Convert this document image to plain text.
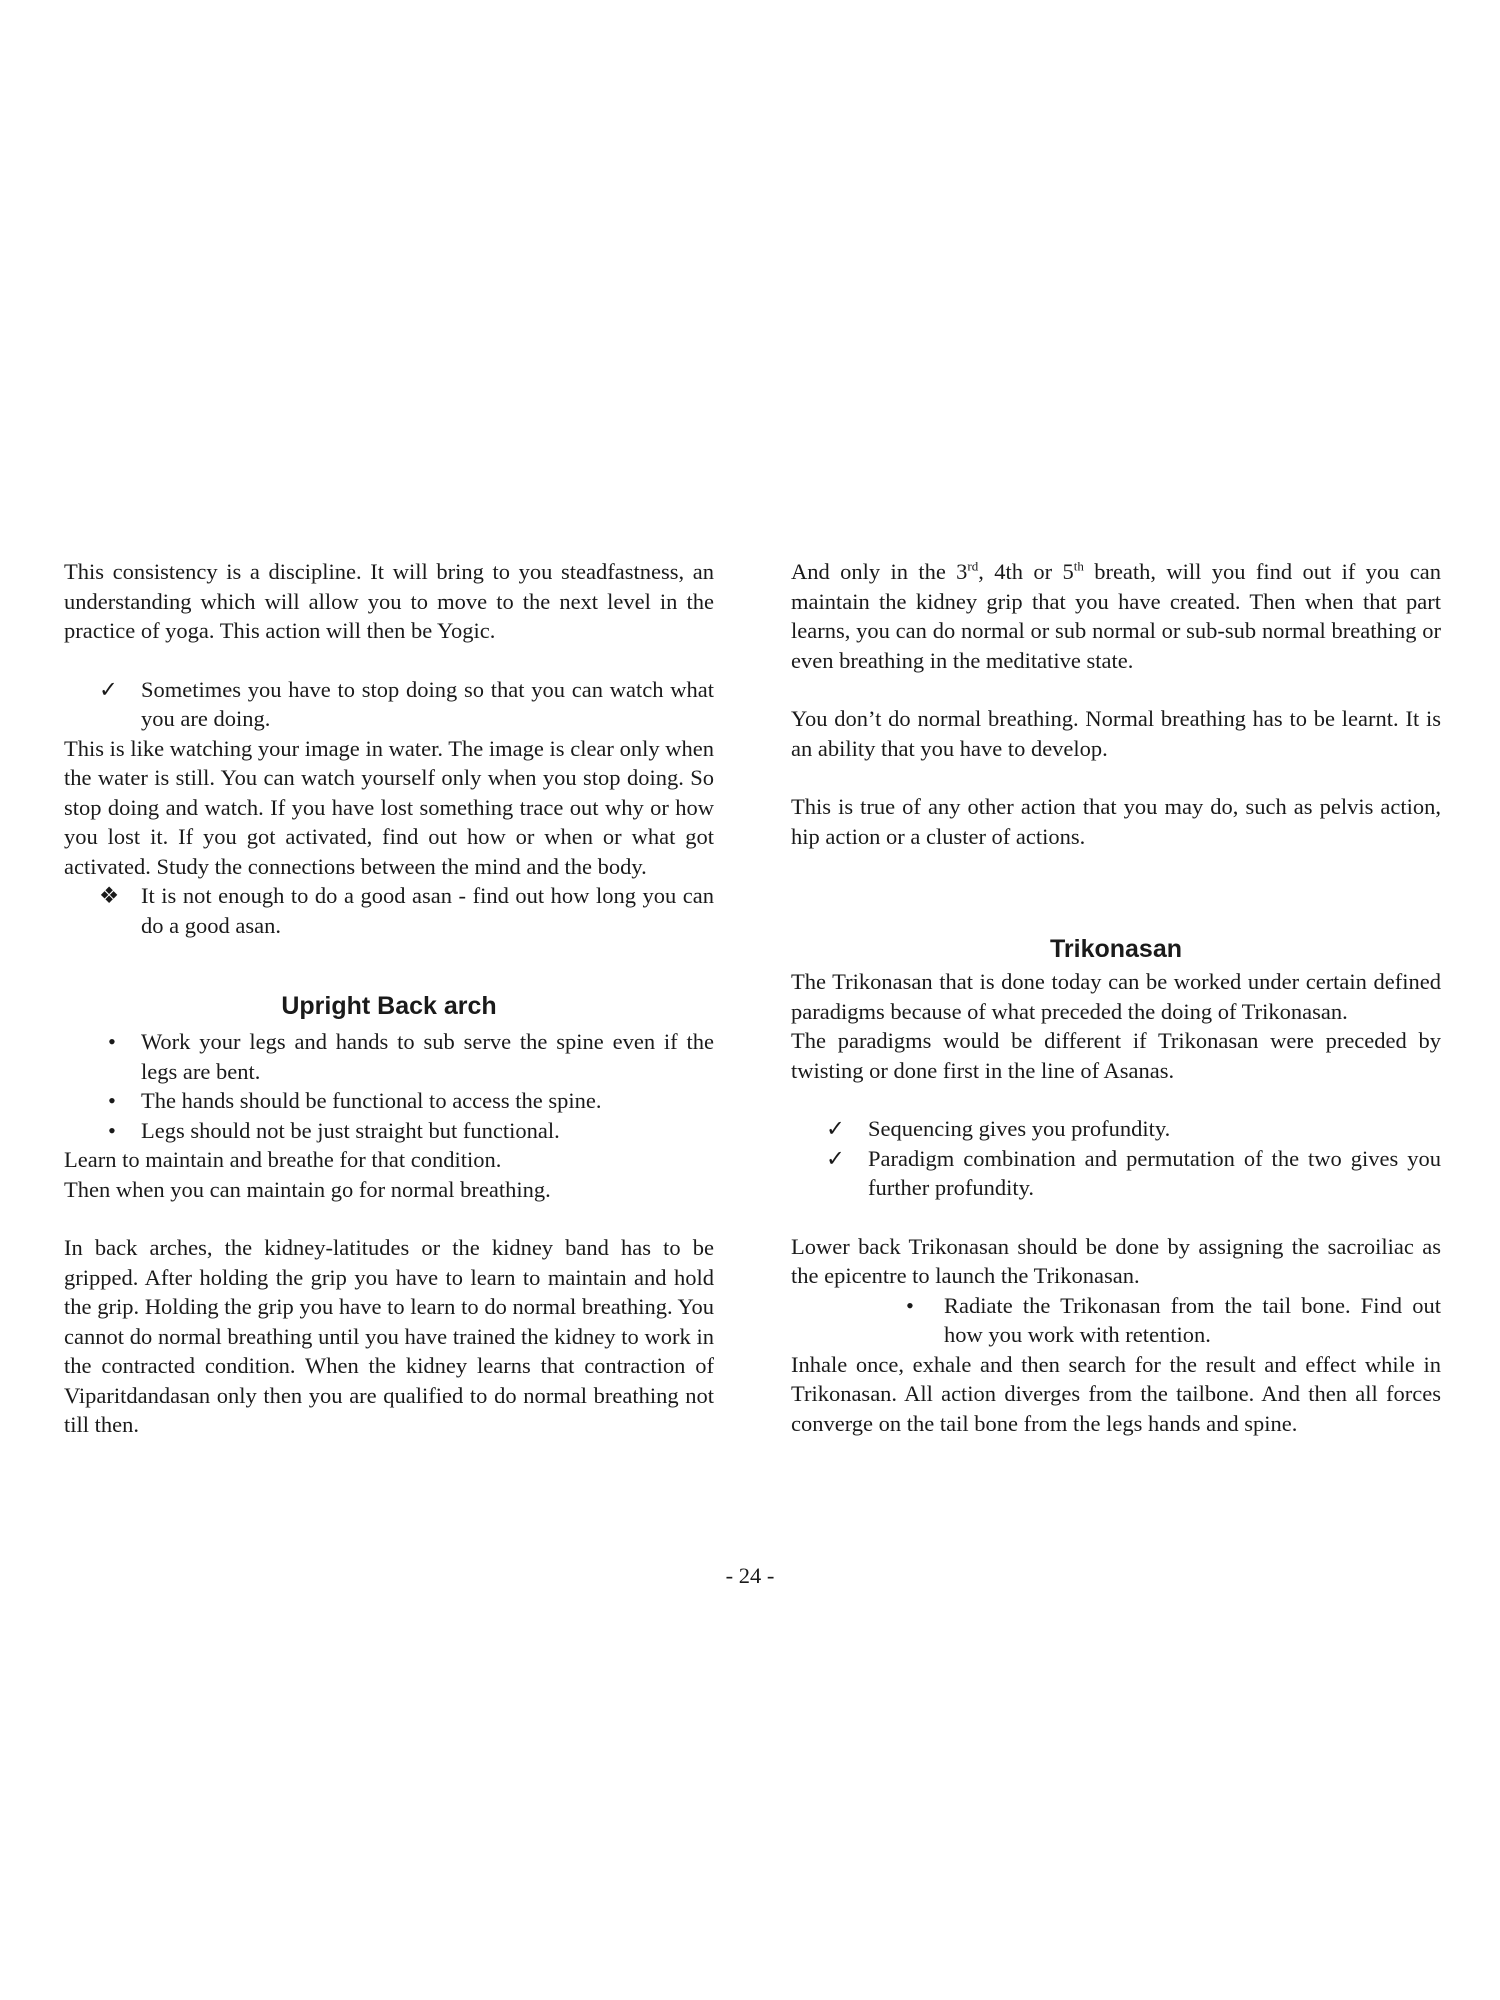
This consistency is a discipline. It will bring to you steadfastness, an understanding which will allow you to move to the next level in the practice of yoga. This action will then be Yogic.

✓	Sometimes you have to stop doing so that you can watch what you are doing.

This is like watching your image in water. The image is clear only when the water is still. You can watch yourself only when you stop doing. So stop doing and watch. If you have lost something trace out why or how you lost it. If you got activated, find out how or when or what got activated. Study the connections between the mind and the body.

❖ It is not enough to do a good asan - find out how long you can do a good asan.
Upright Back arch
•	Work your legs and hands to sub serve the spine even if the legs are bent.
•	The hands should be functional to access the spine.
•	Legs should not be just straight but functional.

Learn to maintain and breathe for that condition.

Then when you can maintain go for normal breathing.

In back arches, the kidney-latitudes or the kidney band has to be gripped. After holding the grip you have to learn to maintain and hold the grip. Holding the grip you have to learn to do normal breathing. You cannot do normal breathing until you have trained the kidney to work in the contracted condition. When the kidney learns that contraction of Viparitdandasan only then you are qualified to do normal breathing not till then.

And only in the 3rd, 4th or 5th breath, will you find out if you can maintain the kidney grip that you have created. Then when that part learns, you can do normal or sub normal or sub-sub normal breathing or even breathing in the meditative state.

You don’t do normal breathing. Normal breathing has to be learnt. It is an ability that you have to develop.

This is true of any other action that you may do, such as pelvis action, hip action or a cluster of actions.

Trikonasan

The Trikonasan that is done today can be worked under certain defined paradigms because of what preceded the doing of Trikonasan.

The paradigms would be different if Trikonasan were preceded by twisting or done first in the line of Asanas.

✓	Sequencing gives you profundity.
✓	Paradigm combination and permutation of the two gives you further profundity.

Lower back Trikonasan should be done by assigning the sacroiliac as the epicentre to launch the Trikonasan.

•	Radiate the Trikonasan from the tail bone. Find out how you work with retention.

Inhale once, exhale and then search for the result and effect while in Trikonasan. All action diverges from the tailbone. And then all forces converge on the tail bone from the legs hands and spine.

- 24 -
